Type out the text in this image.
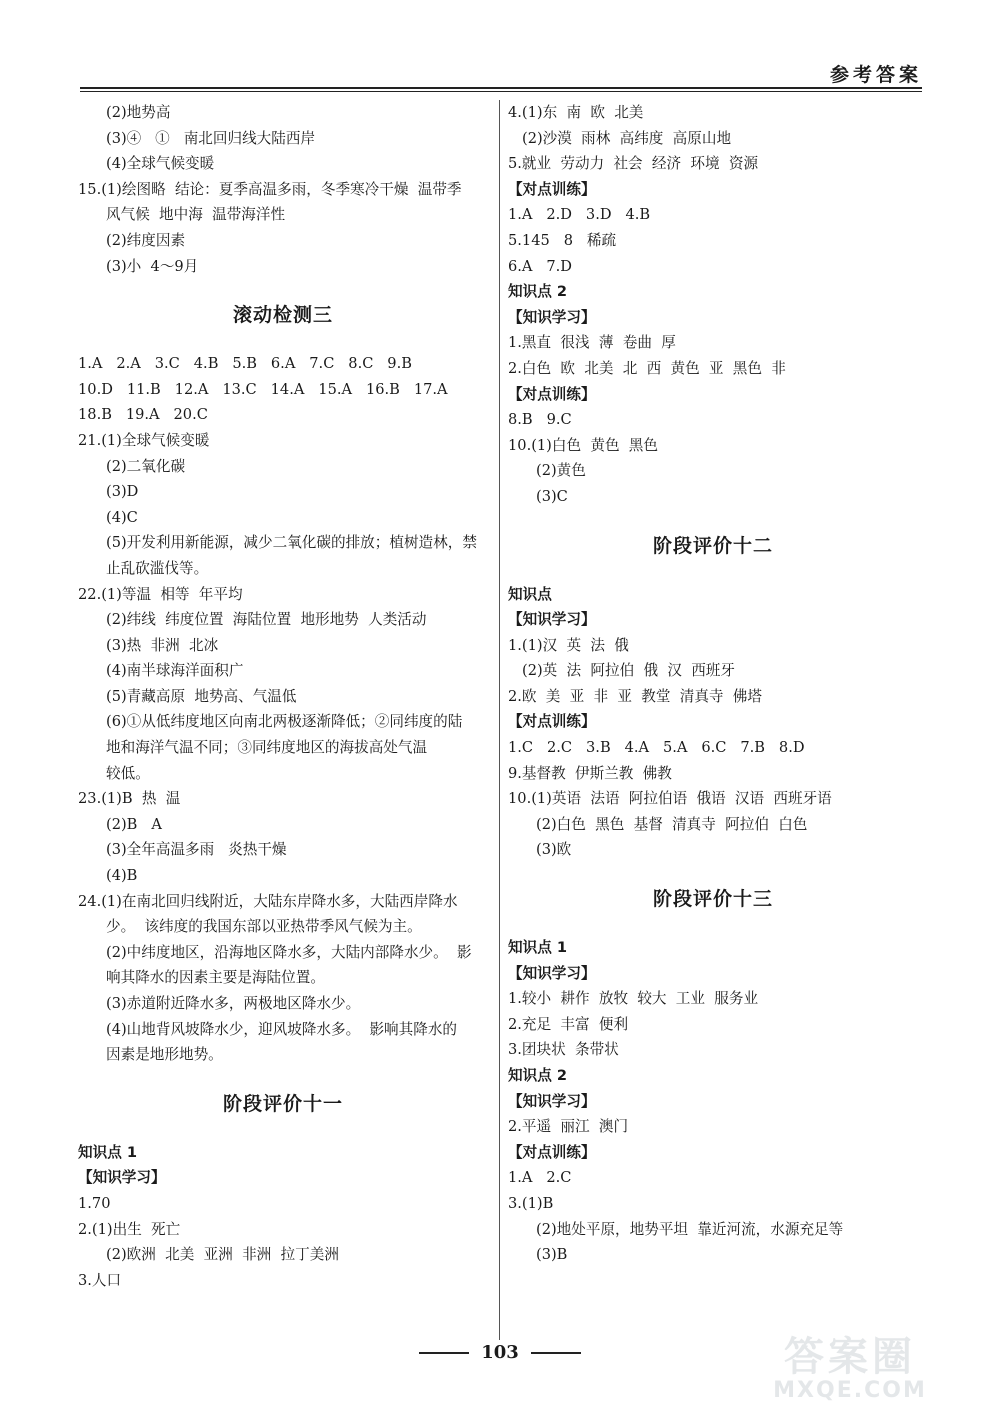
参考答案
(2)地势高
(3)④   ①   南北回归线大陆西岸
(4)全球气候变暖
15.(1)绘图略  结论：夏季高温多雨，冬季寒冷干燥  温带季
风气候  地中海  温带海洋性
(2)纬度因素
(3)小  4～9月
滚动检测三
1.A   2.A   3.C   4.B   5.B   6.A   7.C   8.C   9.B
10.D   11.B   12.A   13.C   14.A   15.A   16.B   17.A
18.B   19.A   20.C
21.(1)全球气候变暖
(2)二氧化碳
(3)D
(4)C
(5)开发利用新能源，减少二氧化碳的排放；植树造林，禁
止乱砍滥伐等。
22.(1)等温  相等  年平均
(2)纬线  纬度位置  海陆位置  地形地势  人类活动
(3)热  非洲  北冰
(4)南半球海洋面积广
(5)青藏高原  地势高、气温低
(6)①从低纬度地区向南北两极逐渐降低；②同纬度的陆
地和海洋气温不同；③同纬度地区的海拔高处气温
较低。
23.(1)B  热  温
(2)B   A
(3)全年高温多雨   炎热干燥
(4)B
24.(1)在南北回归线附近，大陆东岸降水多，大陆西岸降水
少。  该纬度的我国东部以亚热带季风气候为主。
(2)中纬度地区，沿海地区降水多，大陆内部降水少。  影
响其降水的因素主要是海陆位置。
(3)赤道附近降水多，两极地区降水少。
(4)山地背风坡降水少，迎风坡降水多。  影响其降水的
因素是地形地势。
阶段评价十一
知识点 1
【知识学习】
1.70
2.(1)出生  死亡
(2)欧洲  北美  亚洲  非洲  拉丁美洲
3.人口
4.(1)东  南  欧  北美
(2)沙漠  雨林  高纬度  高原山地
5.就业  劳动力  社会  经济  环境  资源
【对点训练】
1.A   2.D   3.D   4.B
5.145   8   稀疏
6.A   7.D
知识点 2
【知识学习】
1.黑直  很浅  薄  卷曲  厚
2.白色  欧  北美  北  西  黄色  亚  黑色  非
【对点训练】
8.B   9.C
10.(1)白色  黄色  黑色
(2)黄色
(3)C
阶段评价十二
知识点
【知识学习】
1.(1)汉  英  法  俄
(2)英  法  阿拉伯  俄  汉  西班牙
2.欧  美  亚  非  亚  教堂  清真寺  佛塔
【对点训练】
1.C   2.C   3.B   4.A   5.A   6.C   7.B   8.D
9.基督教  伊斯兰教  佛教
10.(1)英语  法语  阿拉伯语  俄语  汉语  西班牙语
(2)白色  黑色  基督  清真寺  阿拉伯  白色
(3)欧
阶段评价十三
知识点 1
【知识学习】
1.较小  耕作  放牧  较大  工业  服务业
2.充足  丰富  便利
3.团块状  条带状
知识点 2
【知识学习】
2.平遥  丽江  澳门
【对点训练】
1.A   2.C
3.(1)B
(2)地处平原，地势平坦  靠近河流，水源充足等
(3)B
103	答案圈
MXQE.COM
